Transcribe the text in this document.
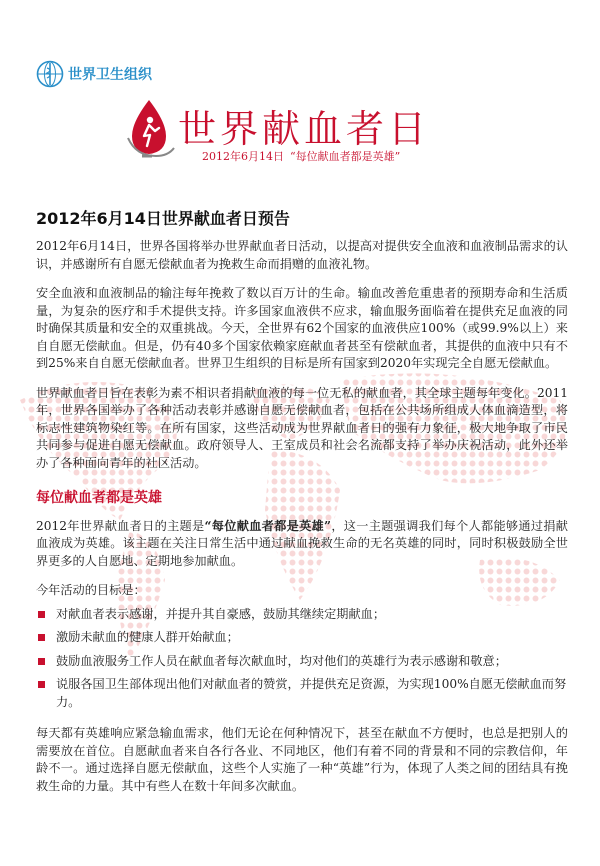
世界卫生组织
世界献血者日
2012年6月14日 “每位献血者都是英雄”
2012年6月14日世界献血者日预告

2012年6月14日，世界各国将举办世界献血者日活动，以提高对提供安全血液和血液制品需求的认识，并感谢所有自愿无偿献血者为挽救生命而捐赠的血液礼物。

安全血液和血液制品的输注每年挽救了数以百万计的生命。输血改善危重患者的预期寿命和生活质量，为复杂的医疗和手术提供支持。许多国家血液供不应求，输血服务面临着在提供充足血液的同时确保其质量和安全的双重挑战。今天，全世界有62个国家的血液供应100%（或99.9%以上）来自自愿无偿献血。但是，仍有40多个国家依赖家庭献血者甚至有偿献血者，其提供的血液中只有不到25%来自自愿无偿献血者。世界卫生组织的目标是所有国家到2020年实现完全自愿无偿献血。

世界献血者日旨在表彰为素不相识者捐献血液的每一位无私的献血者，其全球主题每年变化。2011年，世界各国举办了各种活动表彰并感谢自愿无偿献血者，包括在公共场所组成人体血滴造型，将标志性建筑物染红等。在所有国家，这些活动成为世界献血者日的强有力象征，极大地争取了市民共同参与促进自愿无偿献血。政府领导人、王室成员和社会名流都支持了举办庆祝活动，此外还举办了各种面向青年的社区活动。

每位献血者都是英雄

2012年世界献血者日的主题是“每位献血者都是英雄”，这一主题强调我们每个人都能够通过捐献血液成为英雄。该主题在关注日常生活中通过献血挽救生命的无名英雄的同时，同时积极鼓励全世界更多的人自愿地、定期地参加献血。

今年活动的目标是：

对献血者表示感谢，并提升其自豪感，鼓励其继续定期献血；
激励未献血的健康人群开始献血；
鼓励血液服务工作人员在献血者每次献血时，均对他们的英雄行为表示感谢和敬意；
说服各国卫生部体现出他们对献血者的赞赏，并提供充足资源，为实现100%自愿无偿献血而努力。

每天都有英雄响应紧急输血需求，他们无论在何种情况下，甚至在献血不方便时，也总是把别人的需要放在首位。自愿献血者来自各行各业、不同地区，他们有着不同的背景和不同的宗教信仰，年龄不一。通过选择自愿无偿献血，这些个人实施了一种“英雄”行为，体现了人类之间的团结具有挽救生命的力量。其中有些人在数十年间多次献血。
